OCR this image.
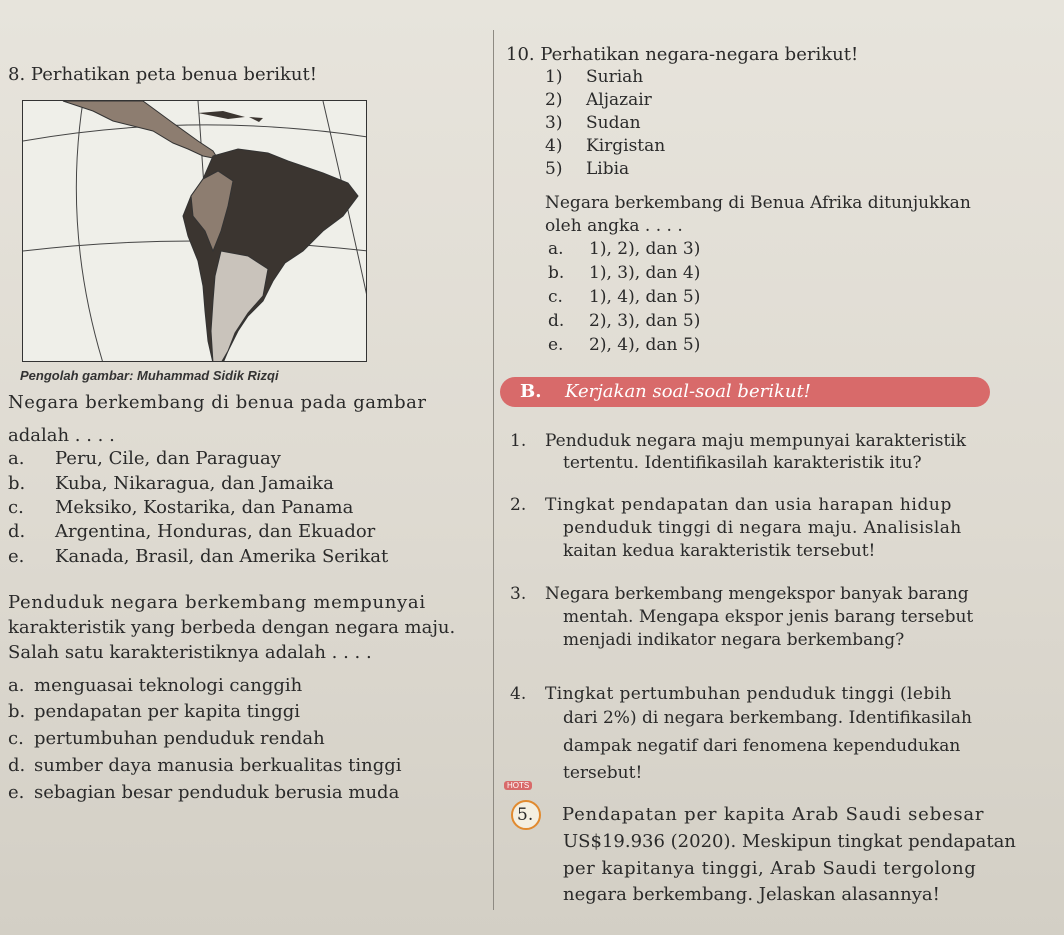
8. Perhatikan peta benua berikut!
Pengolah gambar: Muhammad Sidik Rizqi
Negara berkembang di benua pada gambar
adalah . . . .
a. Peru, Cile, dan Paraguay
b. Kuba, Nikaragua, dan Jamaika
c. Meksiko, Kostarika, dan Panama
d. Argentina, Honduras, dan Ekuador
e. Kanada, Brasil, dan Amerika Serikat
Penduduk negara berkembang mempunyai
karakteristik yang berbeda dengan negara maju.
Salah satu karakteristiknya adalah . . . .
a. menguasai teknologi canggih
b. pendapatan per kapita tinggi
c. pertumbuhan penduduk rendah
d. sumber daya manusia berkualitas tinggi
e. sebagian besar penduduk berusia muda
10. Perhatikan negara-negara berikut!
1) Suriah
2) Aljazair
3) Sudan
4) Kirgistan
5) Libia
Negara berkembang di Benua Afrika ditunjukkan
oleh angka . . . .
a. 1), 2), dan 3)
b. 1), 3), dan 4)
c. 1), 4), dan 5)
d. 2), 3), dan 5)
e. 2), 4), dan 5)
B. Kerjakan soal-soal berikut!
1. Penduduk negara maju mempunyai karakteristik
tertentu. Identifikasilah karakteristik itu?
2. Tingkat pendapatan dan usia harapan hidup
penduduk tinggi di negara maju. Analisislah
kaitan kedua karakteristik tersebut!
3. Negara berkembang mengekspor banyak barang
mentah. Mengapa ekspor jenis barang tersebut
menjadi indikator negara berkembang?
4. Tingkat pertumbuhan penduduk tinggi (lebih
dari 2%) di negara berkembang. Identifikasilah
dampak negatif dari fenomena kependudukan
tersebut!
HOTS
5. Pendapatan per kapita Arab Saudi sebesar
US$19.936 (2020). Meskipun tingkat pendapatan
per kapitanya tinggi, Arab Saudi tergolong
negara berkembang. Jelaskan alasannya!
